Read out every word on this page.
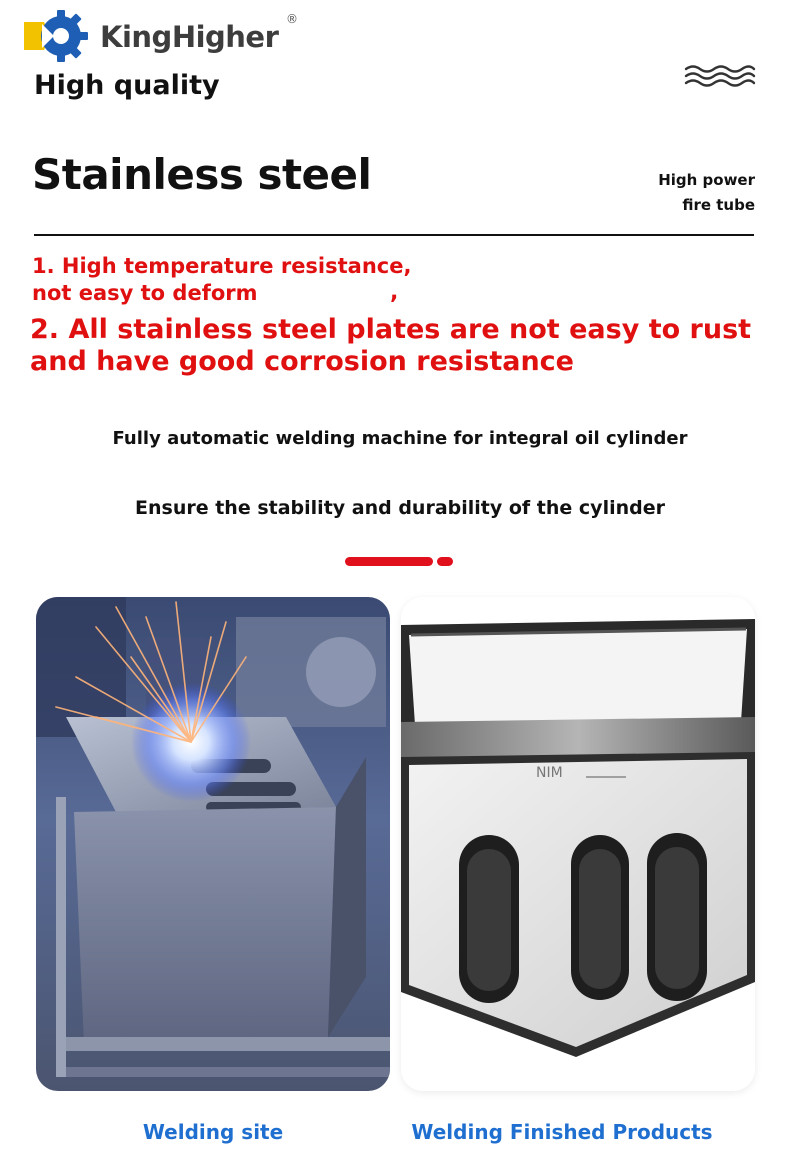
KingHigher
®
High quality
Stainless steel	High power
fire tube
1. High temperature resistance,
not easy to deform	,
2. All stainless steel plates are not easy to rust and have good corrosion resistance
Fully automatic welding machine for integral oil cylinder
Ensure the stability and durability of the cylinder
NIM
Welding site	Welding Finished Products
